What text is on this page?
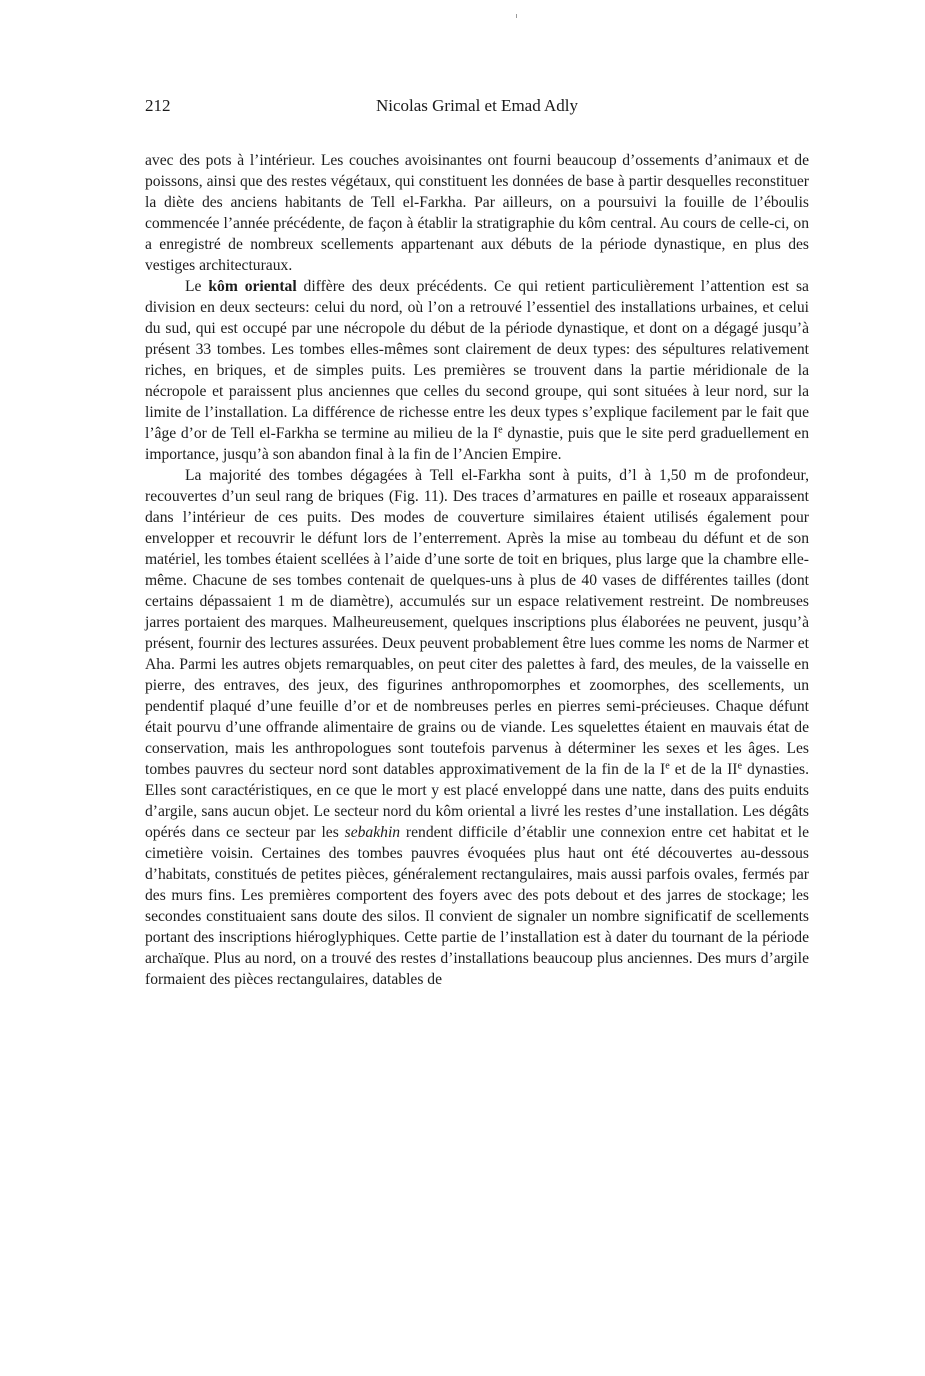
212	Nicolas Grimal et Emad Adly

avec des pots à l’intérieur. Les couches avoisinantes ont fourni beaucoup d’ossements d’animaux et de poissons, ainsi que des restes végétaux, qui constituent les données de base à partir desquelles reconstituer la diète des anciens habitants de Tell el-Farkha. Par ailleurs, on a poursuivi la fouille de l’éboulis commencée l’année précédente, de façon à établir la stratigraphie du kôm central. Au cours de celle-ci, on a enregistré de nombreux scellements appartenant aux débuts de la période dynastique, en plus des vestiges architecturaux.

Le kôm oriental diffère des deux précédents. Ce qui retient particulièrement l’attention est sa division en deux secteurs: celui du nord, où l’on a retrouvé l’essentiel des installations urbaines, et celui du sud, qui est occupé par une nécropole du début de la période dynastique, et dont on a dégagé jusqu’à présent 33 tombes. Les tombes elles-mêmes sont clairement de deux types: des sépultures relativement riches, en briques, et de simples puits. Les premières se trouvent dans la partie méridionale de la nécropole et paraissent plus anciennes que celles du second groupe, qui sont situées à leur nord, sur la limite de l’installation. La différence de richesse entre les deux types s’explique facilement par le fait que l’âge d’or de Tell el-Farkha se termine au milieu de la Ie dynastie, puis que le site perd graduellement en importance, jusqu’à son abandon final à la fin de l’Ancien Empire.

La majorité des tombes dégagées à Tell el-Farkha sont à puits, d’l à 1,50 m de profondeur, recouvertes d’un seul rang de briques (Fig. 11). Des traces d’armatures en paille et roseaux apparaissent dans l’intérieur de ces puits. Des modes de couverture similaires étaient utilisés également pour envelopper et recouvrir le défunt lors de l’enterrement. Après la mise au tombeau du défunt et de son matériel, les tombes étaient scellées à l’aide d’une sorte de toit en briques, plus large que la chambre elle-même. Chacune de ses tombes contenait de quelques-uns à plus de 40 vases de différentes tailles (dont certains dépassaient 1 m de diamètre), accumulés sur un espace relativement restreint. De nombreuses jarres portaient des marques. Malheureusement, quelques inscriptions plus élaborées ne peuvent, jusqu’à présent, fournir des lectures assurées. Deux peuvent probablement être lues comme les noms de Narmer et Aha. Parmi les autres objets remarquables, on peut citer des palettes à fard, des meules, de la vaisselle en pierre, des entraves, des jeux, des figurines anthropomorphes et zoomorphes, des scellements, un pendentif plaqué d’une feuille d’or et de nombreuses perles en pierres semi-précieuses. Chaque défunt était pourvu d’une offrande alimentaire de grains ou de viande. Les squelettes étaient en mauvais état de conservation, mais les anthropologues sont toutefois parvenus à déterminer les sexes et les âges. Les tombes pauvres du secteur nord sont datables approximativement de la fin de la Ie et de la IIe dynasties. Elles sont caractéristiques, en ce que le mort y est placé enveloppé dans une natte, dans des puits enduits d’argile, sans aucun objet. Le secteur nord du kôm oriental a livré les restes d’une installation. Les dégâts opérés dans ce secteur par les sebakhin rendent difficile d’établir une connexion entre cet habitat et le cimetière voisin. Certaines des tombes pauvres évoquées plus haut ont été découvertes au-dessous d’habitats, constitués de petites pièces, généralement rectangulaires, mais aussi parfois ovales, fermés par des murs fins. Les premières comportent des foyers avec des pots debout et des jarres de stockage; les secondes constituaient sans doute des silos. Il convient de signaler un nombre significatif de scellements portant des inscriptions hiéroglyphiques. Cette partie de l’installation est à dater du tournant de la période archaïque. Plus au nord, on a trouvé des restes d’installations beaucoup plus anciennes. Des murs d’argile formaient des pièces rectangulaires, datables de
